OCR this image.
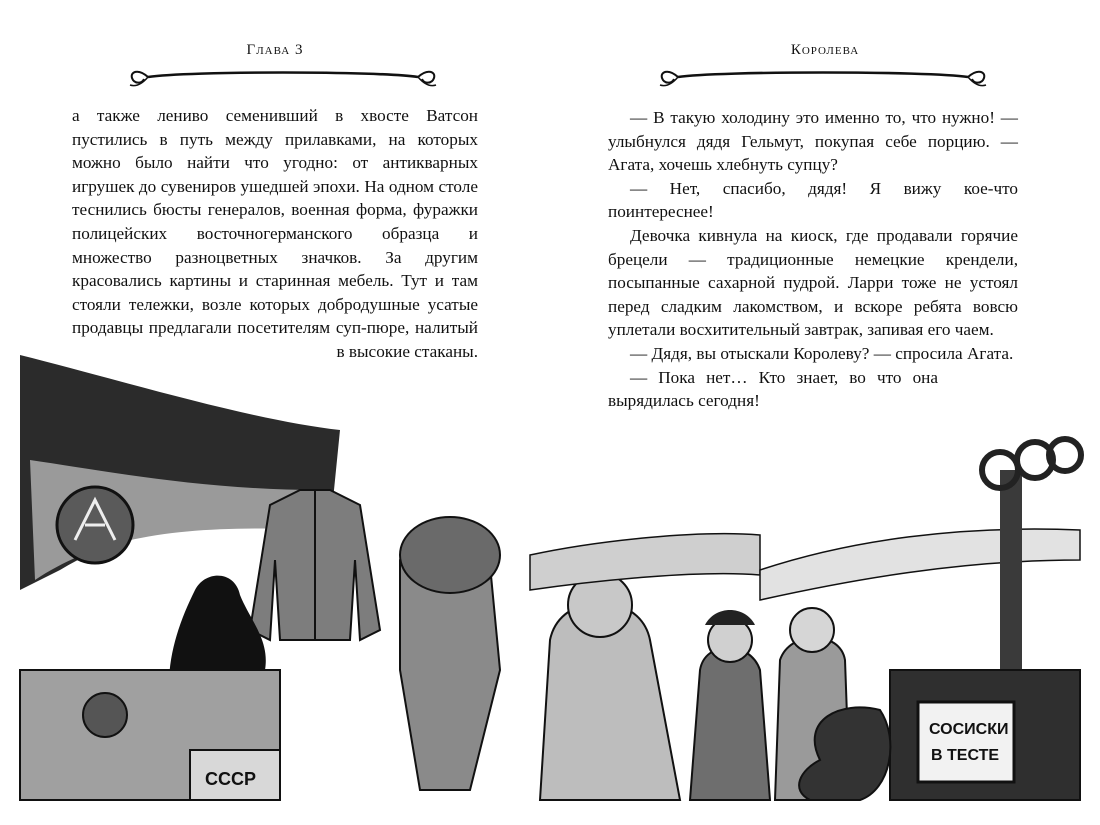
Глава 3

а также лениво семенивший в хвосте Ватсон пустились в путь между прилавками, на которых можно было найти что угодно: от антикварных игрушек до сувениров ушедшей эпохи. На одном столе теснились бюсты генералов, военная форма, фуражки полицейских восточногерманского образца и множество разноцветных значков. За другим красовались картины и старинная мебель. Тут и там стояли тележки, возле которых добродушные усатые продавцы предлагали посетителям суп-пюре, налитый в высокие стаканы.

Королева

— В такую холодину это именно то, что нужно! — улыбнулся дядя Гельмут, покупая себе порцию. — Агата, хочешь хлебнуть супцу?

— Нет, спасибо, дядя! Я вижу кое-что поинтереснее!

Девочка кивнула на киоск, где продавали горячие брецели — традиционные немецкие крендели, посыпанные сахарной пудрой. Ларри тоже не устоял перед сладким лакомством, и вскоре ребята вовсю уплетали восхитительный завтрак, запивая его чаем.

— Дядя, вы отыскали Королеву? — спросила Агата.

— Пока нет… Кто знает, во что она вырядилась сегодня!

СССР
СОСИСКИ
В ТЕСТЕ
